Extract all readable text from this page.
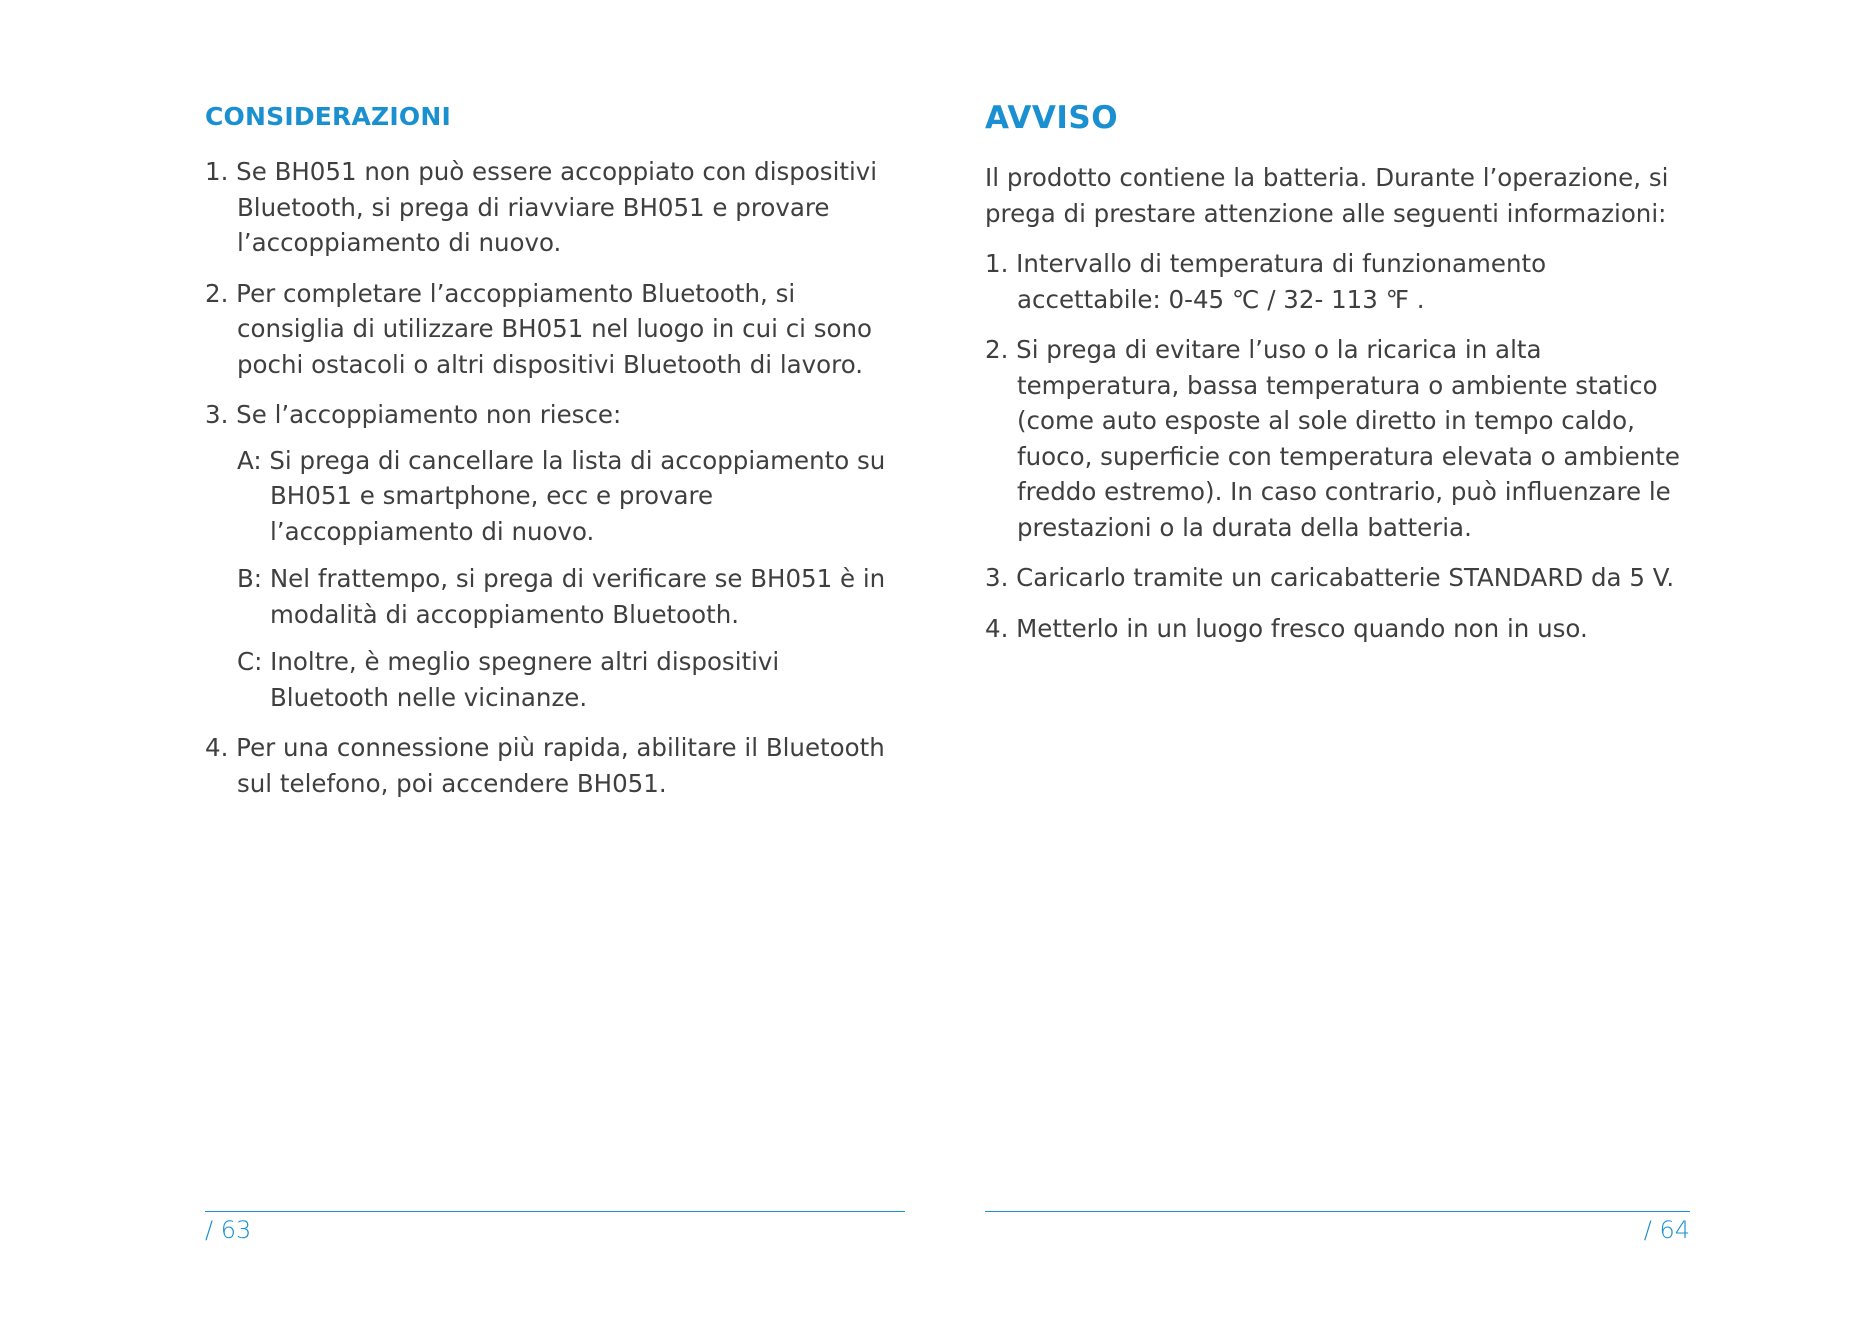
CONSIDERAZIONI
1. Se BH051 non può essere accoppiato con dispositivi Bluetooth, si prega di riavviare BH051 e provare l’accoppiamento di nuovo.
2. Per completare l’accoppiamento Bluetooth, si consiglia di utilizzare BH051 nel luogo in cui ci sono pochi ostacoli o altri dispositivi Bluetooth di lavoro.
3. Se l’accoppiamento non riesce:
A: Si prega di cancellare la lista di accoppiamento su BH051 e smartphone, ecc e provare l’accoppiamento di nuovo.
B: Nel frattempo, si prega di verificare se BH051 è in modalità di accoppiamento Bluetooth.
C: Inoltre, è meglio spegnere altri dispositivi Bluetooth nelle vicinanze.
4. Per una connessione più rapida, abilitare il Bluetooth sul telefono, poi accendere BH051.
/ 63
AVVISO
Il prodotto contiene la batteria. Durante l’operazione, si prega di prestare attenzione alle seguenti informazioni:
1. Intervallo di temperatura di funzionamento accettabile: 0-45 ℃ / 32- 113 ℉ .
2. Si prega di evitare l’uso o la ricarica in alta temperatura, bassa temperatura o ambiente statico (come auto esposte al sole diretto in tempo caldo, fuoco, superficie con temperatura elevata o ambiente freddo estremo). In caso contrario, può influenzare le prestazioni o la durata della batteria.
3. Caricarlo tramite un caricabatterie STANDARD da 5 V.
4. Metterlo in un luogo fresco quando non in uso.
/ 64
